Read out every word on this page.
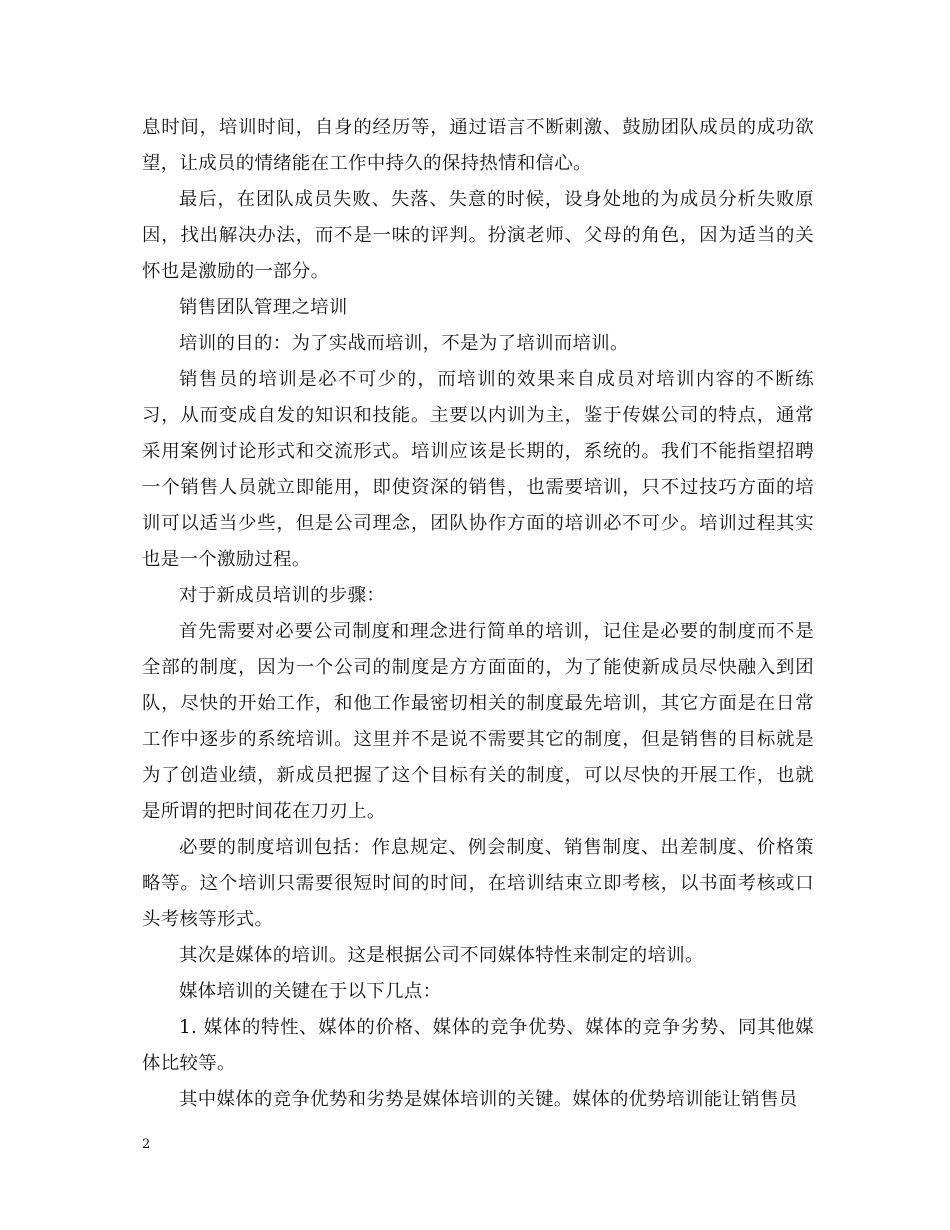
息时间，培训时间，自身的经历等，通过语言不断刺激、鼓励团队成员的成功欲望，让成员的情绪能在工作中持久的保持热情和信心。

最后，在团队成员失败、失落、失意的时候，设身处地的为成员分析失败原因，找出解决办法，而不是一味的评判。扮演老师、父母的角色，因为适当的关怀也是激励的一部分。

销售团队管理之培训

培训的目的：为了实战而培训，不是为了培训而培训。

销售员的培训是必不可少的，而培训的效果来自成员对培训内容的不断练习，从而变成自发的知识和技能。主要以内训为主，鉴于传媒公司的特点，通常采用案例讨论形式和交流形式。培训应该是长期的，系统的。我们不能指望招聘一个销售人员就立即能用，即使资深的销售，也需要培训，只不过技巧方面的培训可以适当少些，但是公司理念，团队协作方面的培训必不可少。培训过程其实也是一个激励过程。

对于新成员培训的步骤：

首先需要对必要公司制度和理念进行简单的培训，记住是必要的制度而不是全部的制度，因为一个公司的制度是方方面面的，为了能使新成员尽快融入到团队，尽快的开始工作，和他工作最密切相关的制度最先培训，其它方面是在日常工作中逐步的系统培训。这里并不是说不需要其它的制度，但是销售的目标就是为了创造业绩，新成员把握了这个目标有关的制度，可以尽快的开展工作，也就是所谓的把时间花在刀刃上。

必要的制度培训包括：作息规定、例会制度、销售制度、出差制度、价格策略等。这个培训只需要很短时间的时间，在培训结束立即考核，以书面考核或口头考核等形式。

其次是媒体的培训。这是根据公司不同媒体特性来制定的培训。

媒体培训的关键在于以下几点：

1. 媒体的特性、媒体的价格、媒体的竞争优势、媒体的竞争劣势、同其他媒体比较等。

其中媒体的竞争优势和劣势是媒体培训的关键。媒体的优势培训能让销售员

2
